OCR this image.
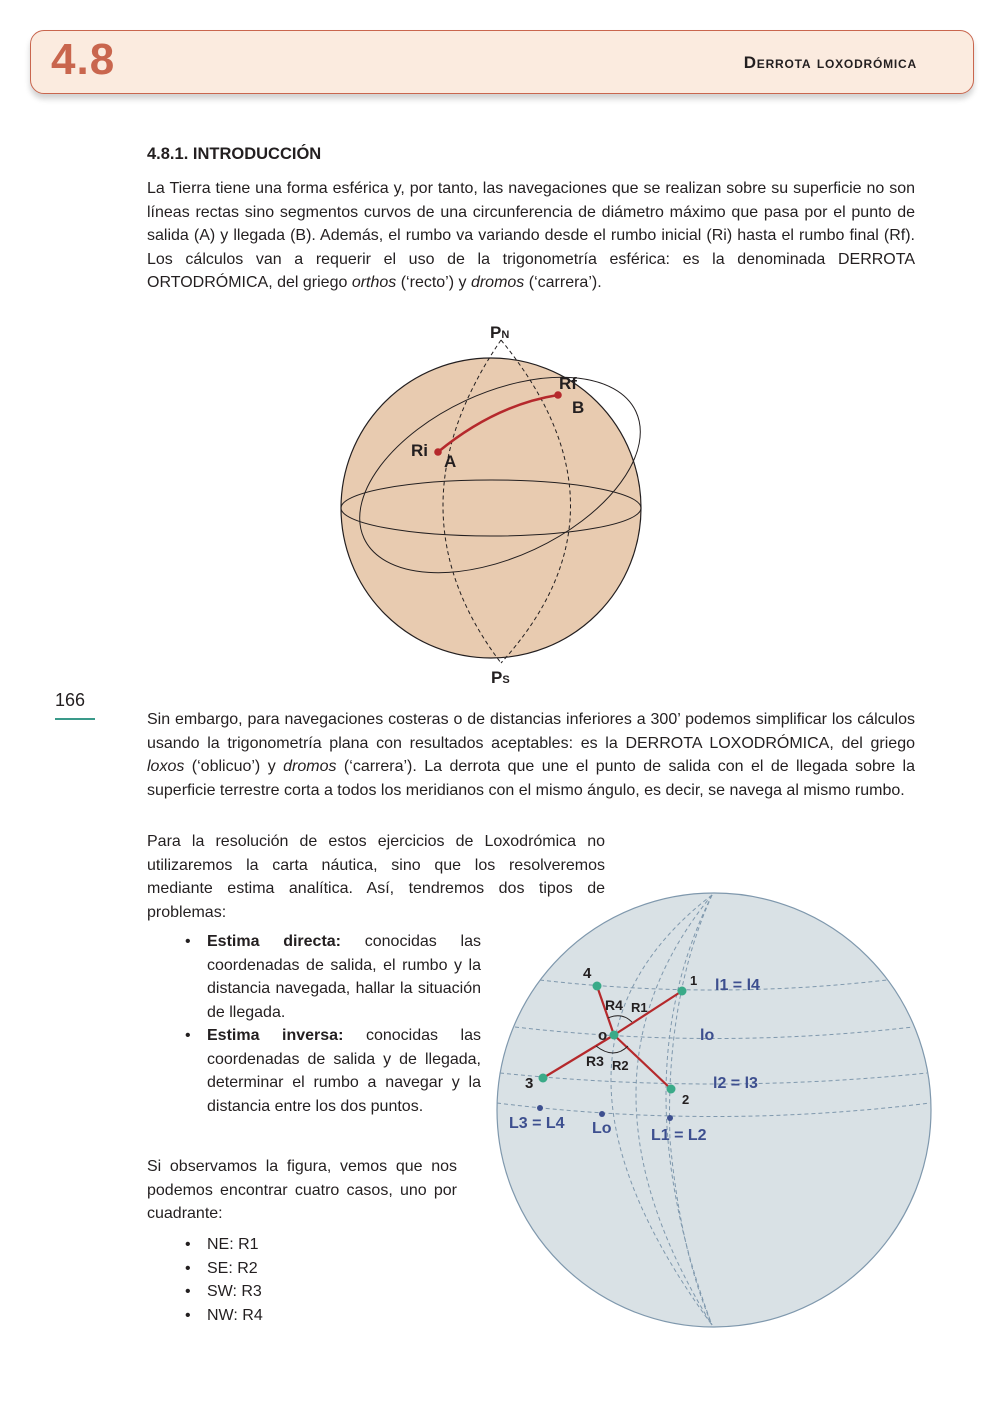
4.8	Derrota loxodrómica
4.8.1. INTRODUCCIÓN

La Tierra tiene una forma esférica y, por tanto, las navegaciones que se realizan sobre su superficie no son líneas rectas sino segmentos curvos de una circunferencia de diámetro máximo que pasa por el punto de salida (A) y llegada (B). Además, el rumbo va variando desde el rumbo inicial (Ri) hasta el rumbo final (Rf). Los cálculos van a requerir el uso de la trigonometría esférica: es la denominada DERROTA ORTODRÓMICA, del griego orthos (‘recto’) y dromos (‘carrera’).

PN
PS
Ri
A
Rf
B
166

Sin embargo, para navegaciones costeras o de distancias inferiores a 300’ podemos simplificar los cálculos usando la trigonometría plana con resultados aceptables: es la DERROTA LOXODRÓMICA, del griego loxos (‘oblicuo’) y dromos (‘carrera’). La derrota que une el punto de salida con el de llegada sobre la superficie terrestre corta a todos los meridianos con el mismo ángulo, es decir, se navega al mismo rumbo.

Para la resolución de estos ejercicios de Loxodrómica no utilizaremos la carta náutica, sino que los resolveremos mediante estima analítica. Así, tendremos dos tipos de problemas:

• Estima directa: conocidas las coordenadas de salida, el rumbo y la distancia navegada, hallar la situación de llegada.
• Estima inversa: conocidas las coordenadas de salida y de llegada, determinar el rumbo a navegar y la distancia entre los dos puntos.

Si observamos la figura, vemos que nos podemos encontrar cuatro casos, uno por cuadrante:

• NE: R1
• SE: R2
• SW: R3
• NW: R4
o
1
2
3
4
R1
R2
R3
R4
l1 = l4
lo
l2 = l3
L3 = L4 Lo L1 = L2
